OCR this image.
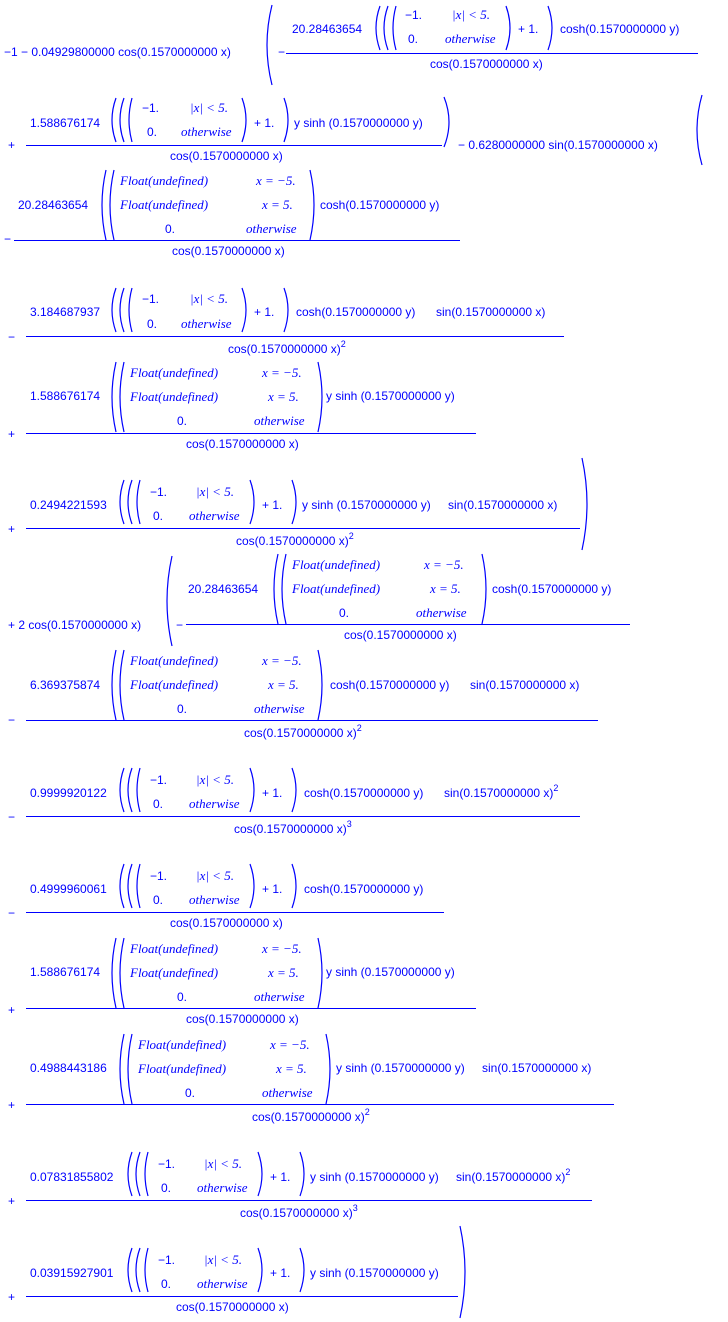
−1 − 0.04929800000 cos(0.1570000000 x)	−
20.28463654
−1. |x| < 5.
0. otherwise
+ 1. cosh(0.1570000000 y)
cos(0.1570000000 x)
+
1.588676174
−1. |x| < 5.
0. otherwise
+ 1. y sinh (0.1570000000 y)
cos(0.1570000000 x)
− 0.6280000000 sin(0.1570000000 x)
−
20.28463654
Float(undefined)	x = −5.
Float(undefined)	x = 5.
0.	otherwise
cosh(0.1570000000 y)
cos(0.1570000000 x)
−
3.184687937
−1. |x| < 5.
0. otherwise
+ 1. cosh(0.1570000000 y) sin(0.1570000000 x)
cos(0.1570000000 x)$^2$
+
1.588676174
Float(undefined)	x = −5.
Float(undefined)	x = 5.
0.	otherwise
y sinh (0.1570000000 y)
cos(0.1570000000 x)
+
0.2494221593
−1. |x| < 5.
0. otherwise
+ 1. y sinh (0.1570000000 y) sin(0.1570000000 x)
cos(0.1570000000 x)$^2$
+ 2 cos(0.1570000000 x)	−
20.28463654
Float(undefined)	x = −5.
Float(undefined)	x = 5.
0.	otherwise
cosh(0.1570000000 y)
cos(0.1570000000 x)
−
6.369375874
Float(undefined)	x = −5.
Float(undefined)	x = 5.
0.	otherwise
cosh(0.1570000000 y) sin(0.1570000000 x)
cos(0.1570000000 x)$^2$
−
0.9999920122
−1. |x| < 5.
0. otherwise
+ 1. cosh(0.1570000000 y) sin(0.1570000000 x)$^2$
cos(0.1570000000 x)$^3$
−
0.4999960061
−1. |x| < 5.
0. otherwise
+ 1. cosh(0.1570000000 y)
cos(0.1570000000 x)
+
1.588676174
Float(undefined)	x = −5.
Float(undefined)	x = 5.
0.	otherwise
y sinh (0.1570000000 y)
cos(0.1570000000 x)
+
0.4988443186
Float(undefined)	x = −5.
Float(undefined)	x = 5.
0.	otherwise
y sinh (0.1570000000 y) sin(0.1570000000 x)
cos(0.1570000000 x)$^2$
+
0.07831855802
−1. |x| < 5.
0. otherwise
+ 1. y sinh (0.1570000000 y) sin(0.1570000000 x)$^2$
cos(0.1570000000 x)$^3$
+
0.03915927901
−1. |x| < 5.
0. otherwise
+ 1. y sinh (0.1570000000 y)
cos(0.1570000000 x)
